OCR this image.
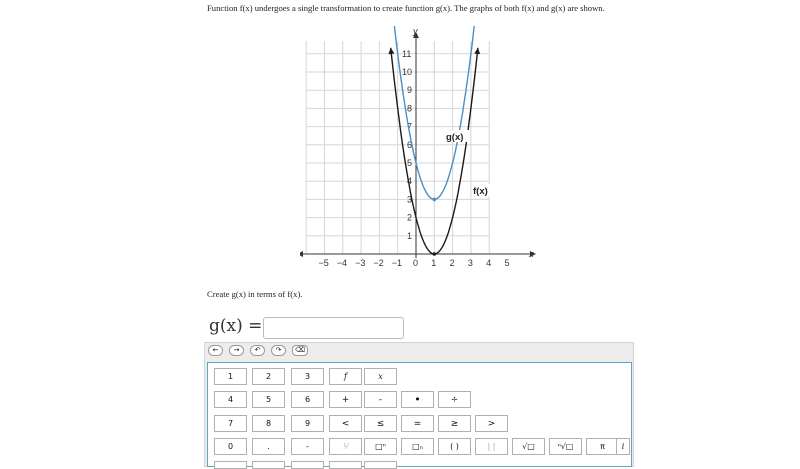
Function f(x) undergoes a single transformation to create function g(x). The graphs of both f(x) and g(x) are shown.
−5 −4 −3 −2 −1 0 1 2 3 4 5
1
2
3
4
5
6
7
8
9
10
11
x
y
g(x)
f(x)
Create g(x) in terms of f(x).
g(x) =
←	→	↶	↷	⌫
1	2	3	f	x
4	5	6	+	-	•	÷
7	8	9	<	≤	=	≥	>
0	.	-	⅟	□ⁿ	□ₙ	( )	| |	√□	ⁿ√□	π	i
